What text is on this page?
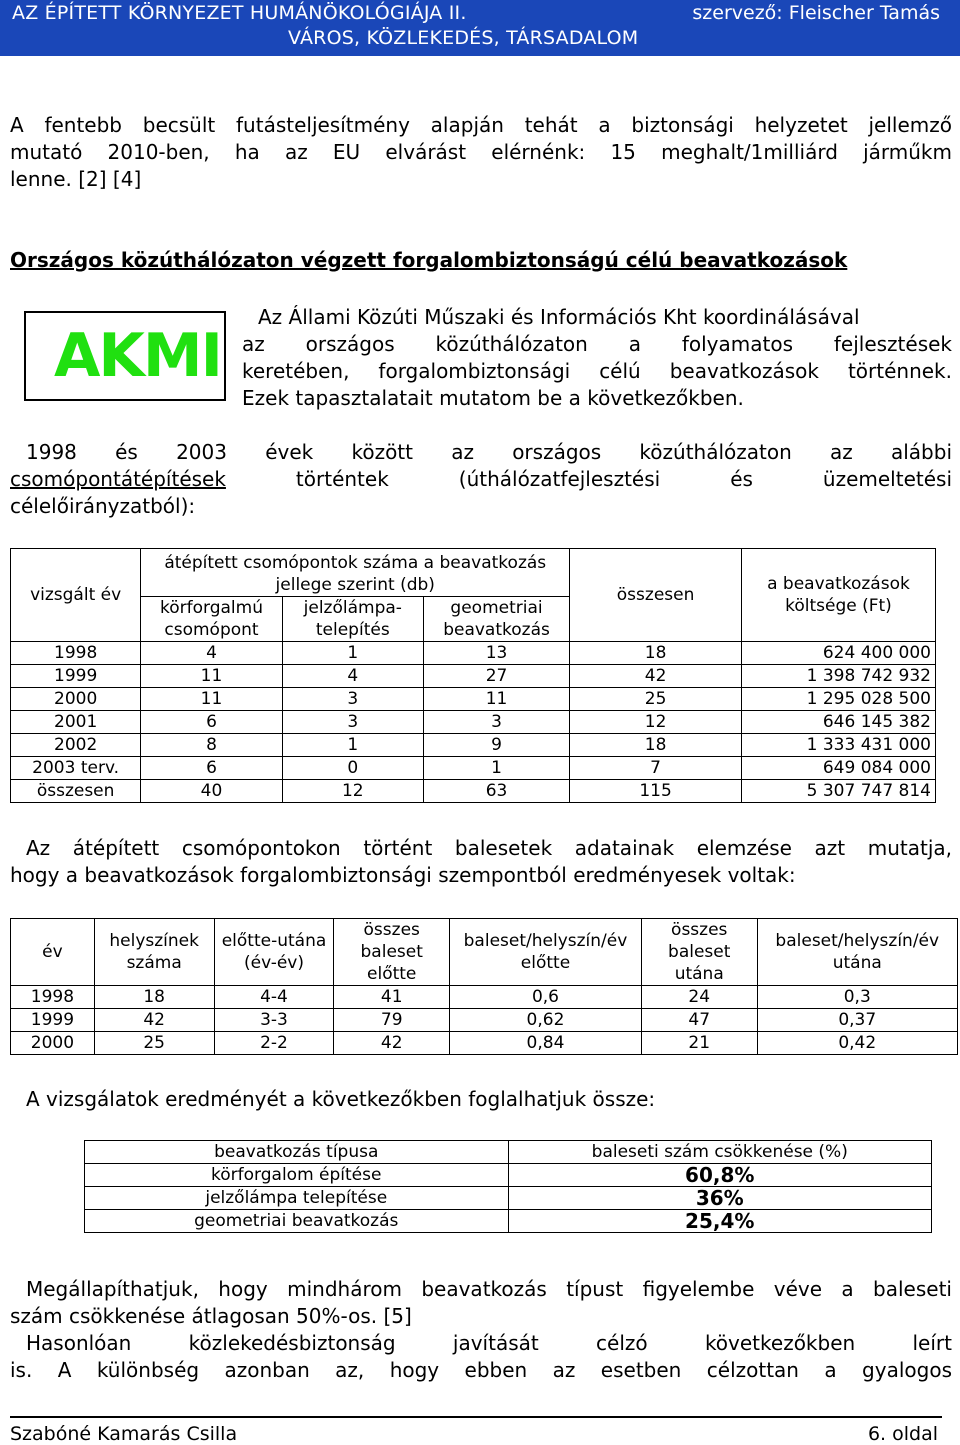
AZ ÉPÍTETT KÖRNYEZET HUMÁNÖKOLÓGIÁJA II.
VÁROS, KÖZLEKEDÉS, TÁRSADALOM
szervező: Fleischer Tamás
A fentebb becsült futásteljesítmény alapján tehát a biztonsági helyzetet jellemző
mutató 2010-ben, ha az EU elvárást elérnénk: 15 meghalt/1milliárd járműkm
lenne. [2] [4]
Országos közúthálózaton végzett forgalombiztonságú célú beavatkozások
AKMI
Az Állami Közúti Műszaki és Információs Kht koordinálásával
az országos közúthálózaton a folyamatos fejlesztések
keretében, forgalombiztonsági célú beavatkozások történnek.
Ezek tapasztalatait mutatom be a következőkben.
1998 és 2003 évek között az országos közúthálózaton az alábbi
csomópontátépítések történtek (úthálózatfejlesztési és üzemeltetési
célelőirányzatból):
vizsgált év	átépített csomópontok száma a beavatkozás jellege szerint (db)			összesen	a beavatkozások költsége (Ft)
	körforgalmú csomópont	jelzőlámpa-telepítés	geometriai beavatkozás		
1998	4	1	13	18	624 400 000
1999	11	4	27	42	1 398 742 932
2000	11	3	11	25	1 295 028 500
2001	6	3	3	12	646 145 382
2002	8	1	9	18	1 333 431 000
2003 terv.	6	0	1	7	649 084 000
összesen	40	12	63	115	5 307 747 814
Az átépített csomópontokon történt balesetek adatainak elemzése azt mutatja,
hogy a beavatkozások forgalombiztonsági szempontból eredményesek voltak:
év	helyszínek száma	előtte-utána (év-év)	összes baleset előtte	baleset/helyszín/év előtte	összes baleset utána	baleset/helyszín/év utána
1998	18	4-4	41	0,6	24	0,3
1999	42	3-3	79	0,62	47	0,37
2000	25	2-2	42	0,84	21	0,42
A vizsgálatok eredményét a következőkben foglalhatjuk össze:
beavatkozás típusa	baleseti szám csökkenése (%)
körforgalom építése	60,8%
jelzőlámpa telepítése	36%
geometriai beavatkozás	25,4%
Megállapíthatjuk, hogy mindhárom beavatkozás típust figyelembe véve a baleseti
szám csökkenése átlagosan 50%-os. [5]
Hasonlóan közlekedésbiztonság javítását célzó következőkben leírt
is. A különbség azonban az, hogy ebben az esetben célzottan a gyalogos
Szabóné Kamarás Csilla	6. oldal
